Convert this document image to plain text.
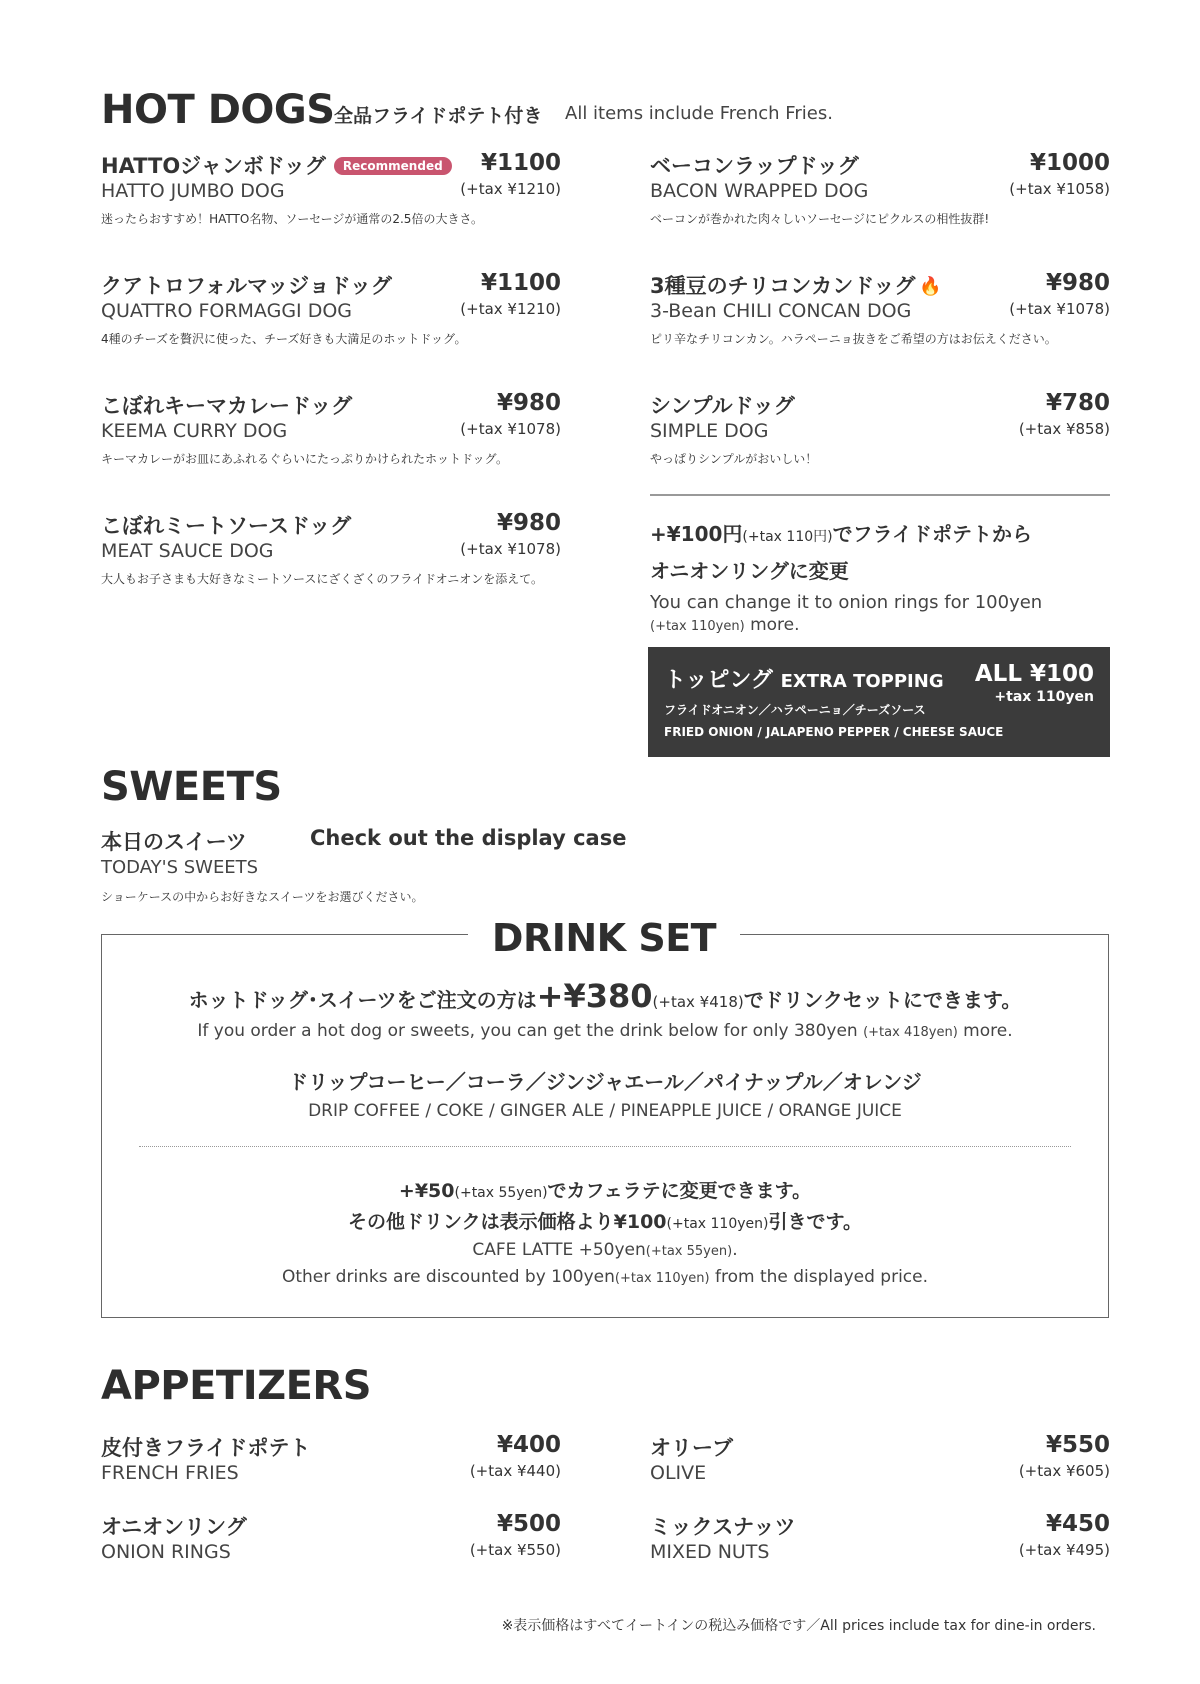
HOT DOGS 全品フライドポテト付き All items include French Fries.
HATTOジャンボドッグ Recommended
HATTO JUMBO DOG
迷ったらおすすめ！HATTO名物、ソーセージが通常の2.5倍の大きさ。
¥1100
(+tax ¥1210)
クアトロフォルマッジョドッグ
QUATTRO FORMAGGI DOG
4種のチーズを贅沢に使った、チーズ好きも大満足のホットドッグ。
¥1100
(+tax ¥1210)
こぼれキーマカレードッグ
KEEMA CURRY DOG
キーマカレーがお皿にあふれるぐらいにたっぷりかけられたホットドッグ。
¥980
(+tax ¥1078)
こぼれミートソースドッグ
MEAT SAUCE DOG
大人もお子さまも大好きなミートソースにざくざくのフライドオニオンを添えて。
¥980
(+tax ¥1078)
ベーコンラップドッグ
BACON WRAPPED DOG
ベーコンが巻かれた肉々しいソーセージにピクルスの相性抜群!
¥1000
(+tax ¥1058)
3種豆のチリコンカンドッグ 🔥
3-Bean CHILI CONCAN DOG
ピリ辛なチリコンカン。ハラペーニョ抜きをご希望の方はお伝えください。
¥980
(+tax ¥1078)
シンプルドッグ
SIMPLE DOG
やっぱりシンプルがおいしい！
¥780
(+tax ¥858)
+¥100円(+tax 110円)でフライドポテトから
オニオンリングに変更
You can change it to onion rings for 100yen
(+tax 110yen) more.
トッピング EXTRA TOPPING ALL ¥100
+tax 110yen
フライドオニオン／ハラペーニョ／チーズソース
FRIED ONION / JALAPENO PEPPER / CHEESE SAUCE
SWEETS
本日のスイーツ	Check out the display case
TODAY'S SWEETS
ショーケースの中からお好きなスイーツをお選びください。
DRINK SET
ホットドッグ･スイーツをご注文の方は+¥380(+tax ¥418)でドリンクセットにできます。
If you order a hot dog or sweets, you can get the drink below for only 380yen (+tax 418yen) more.
ドリップコーヒー／コーラ／ジンジャエール／パイナップル／オレンジ
DRIP COFFEE / COKE / GINGER ALE / PINEAPPLE JUICE / ORANGE JUICE
+¥50(+tax 55yen)でカフェラテに変更できます。
その他ドリンクは表示価格より¥100(+tax 110yen)引きです。
CAFE LATTE +50yen(+tax 55yen).
Other drinks are discounted by 100yen(+tax 110yen) from the displayed price.
APPETIZERS
皮付きフライドポテト
FRENCH FRIES
¥400
(+tax ¥440)
オニオンリング
ONION RINGS
¥500
(+tax ¥550)
オリーブ
OLIVE
¥550
(+tax ¥605)
ミックスナッツ
MIXED NUTS
¥450
(+tax ¥495)
※表示価格はすべてイートインの税込み価格です／All prices include tax for dine-in orders.
